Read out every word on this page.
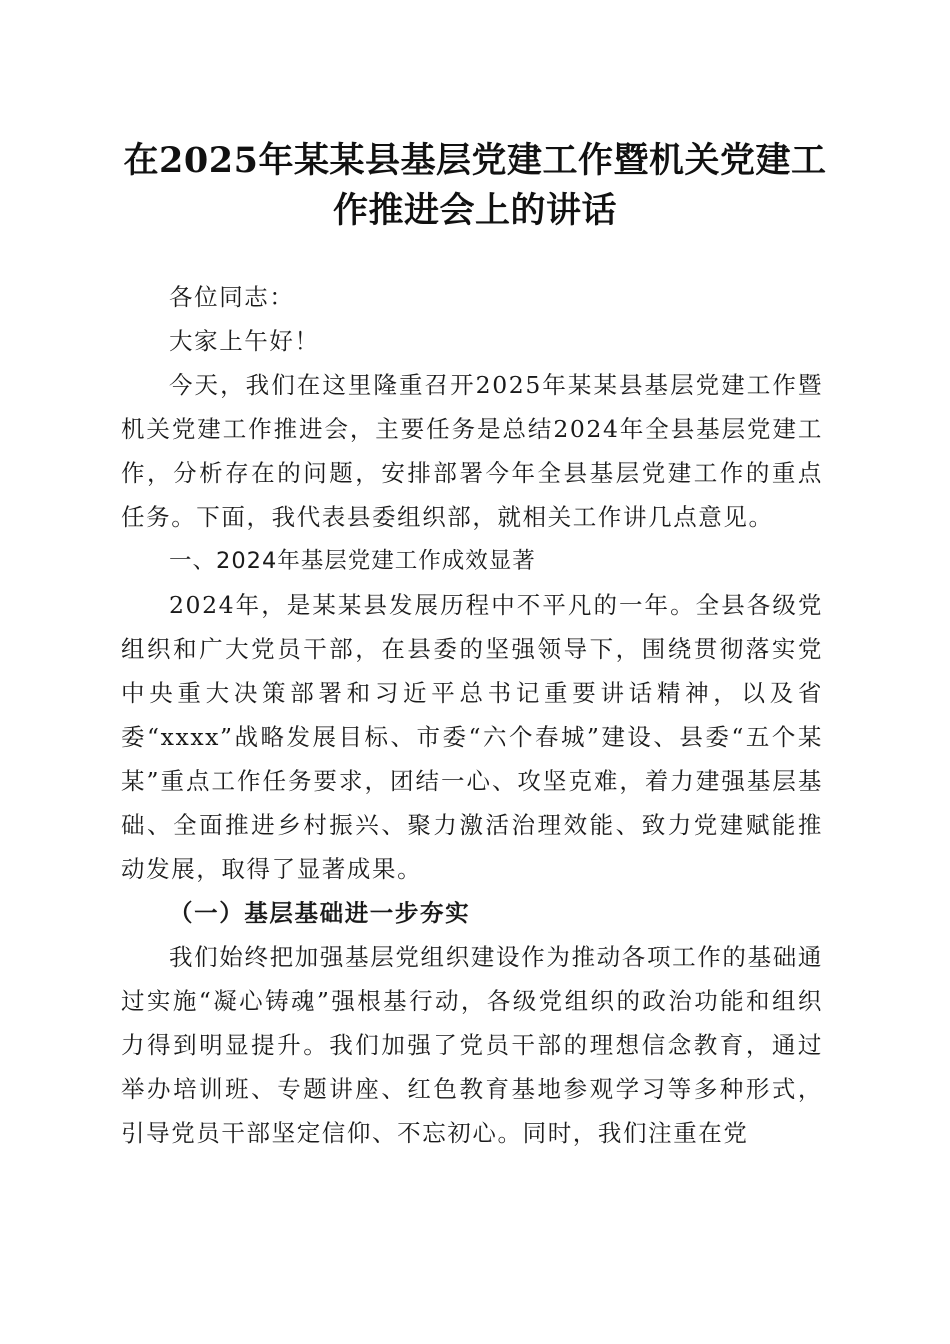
在2025年某某县基层党建工作暨机关党建工作推进会上的讲话

各位同志：

大家上午好！

今天，我们在这里隆重召开2025年某某县基层党建工作暨机关党建工作推进会，主要任务是总结2024年全县基层党建工作，分析存在的问题，安排部署今年全县基层党建工作的重点任务。下面，我代表县委组织部，就相关工作讲几点意见。

一、2024年基层党建工作成效显著

2024年，是某某县发展历程中不平凡的一年。全县各级党组织和广大党员干部，在县委的坚强领导下，围绕贯彻落实党中央重大决策部署和习近平总书记重要讲话精神，以及省委“xxxx”战略发展目标、市委“六个春城”建设、县委“五个某某”重点工作任务要求，团结一心、攻坚克难，着力建强基层基础、全面推进乡村振兴、聚力激活治理效能、致力党建赋能推动发展，取得了显著成果。

（一）基层基础进一步夯实

我们始终把加强基层党组织建设作为推动各项工作的基础通过实施“凝心铸魂”强根基行动，各级党组织的政治功能和组织力得到明显提升。我们加强了党员干部的理想信念教育，通过举办培训班、专题讲座、红色教育基地参观学习等多种形式，引导党员干部坚定信仰、不忘初心。同时，我们注重在党
